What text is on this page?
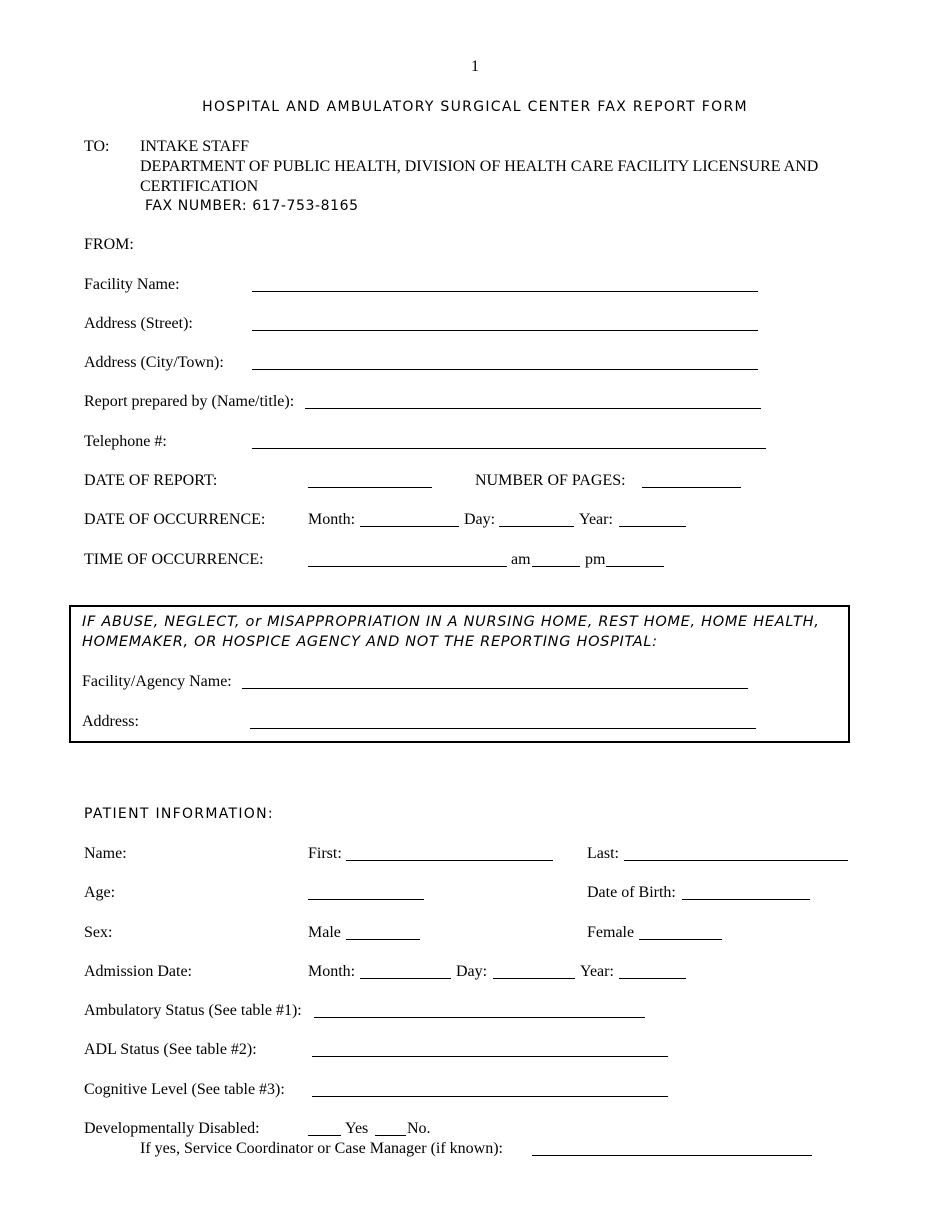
1
HOSPITAL AND AMBULATORY SURGICAL CENTER FAX REPORT FORM
TO: INTAKE STAFF
DEPARTMENT OF PUBLIC HEALTH, DIVISION OF HEALTH CARE FACILITY LICENSURE AND
CERTIFICATION
FAX NUMBER: 617-753-8165
FROM:
Facility Name:
Address (Street):
Address (City/Town):
Report prepared by (Name/title):
Telephone #:
DATE OF REPORT:	NUMBER OF PAGES:
DATE OF OCCURRENCE:	Month:	Day:	Year:
TIME OF OCCURRENCE:	am	pm
IF ABUSE, NEGLECT, or MISAPPROPRIATION IN A NURSING HOME, REST HOME, HOME HEALTH,
HOMEMAKER, OR HOSPICE AGENCY AND NOT THE REPORTING HOSPITAL:
Facility/Agency Name:
Address:
PATIENT INFORMATION:
Name:	First:	Last:
Age:	Date of Birth:
Sex:	Male	Female
Admission Date:	Month:	Day:	Year:
Ambulatory Status (See table #1):
ADL Status (See table #2):
Cognitive Level (See table #3):
Developmentally Disabled:	Yes No.
If yes, Service Coordinator or Case Manager (if known):
